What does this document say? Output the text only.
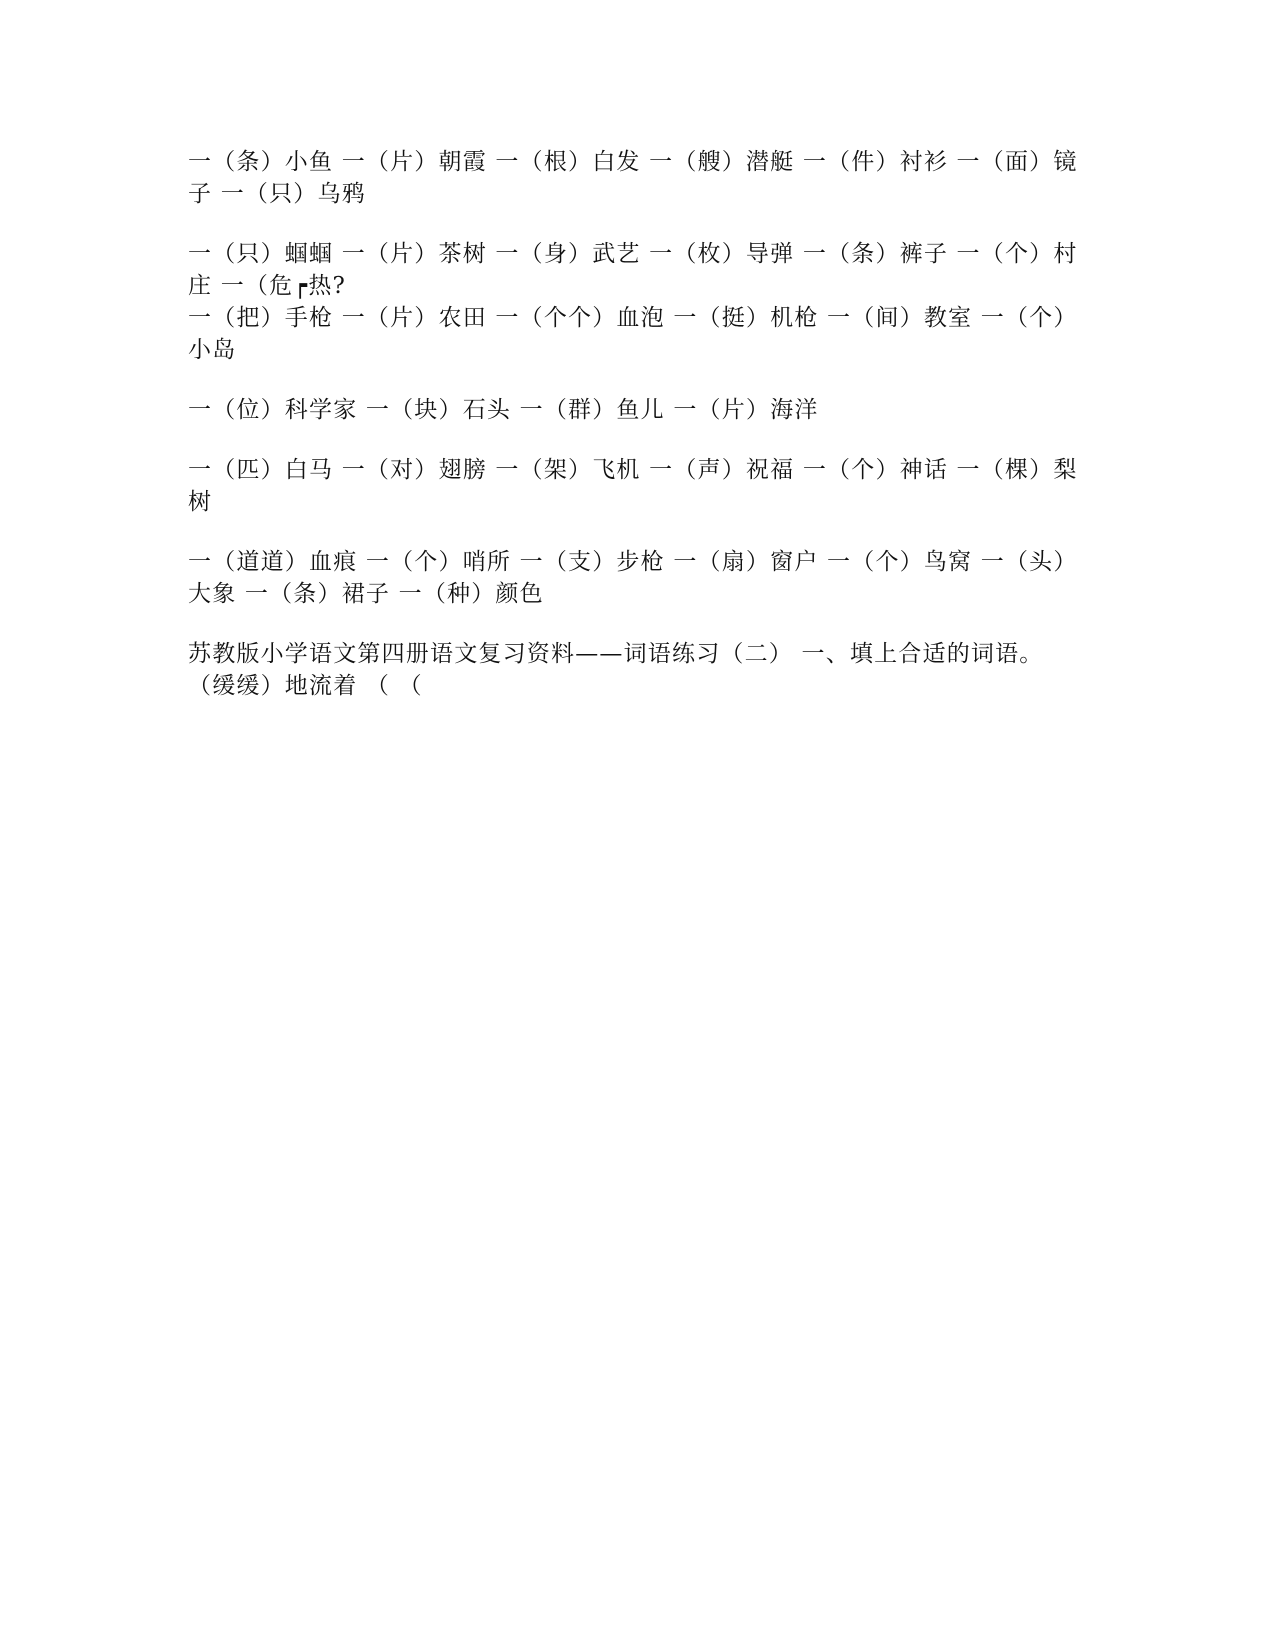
一（条）小鱼 一（片）朝霞 一（根）白发 一（艘）潜艇 一（件）衬衫 一（面）镜子 一（只）乌鸦

一（只）蝈蝈 一（片）茶树 一（身）武艺 一（枚）导弹 一（条）裤子 一（个）村庄 一（危┍热?

一（把）手枪 一（片）农田 一（个个）血泡 一（挺）机枪 一（间）教室 一（个）小岛

一（位）科学家 一（块）石头 一（群）鱼儿 一（片）海洋

一（匹）白马 一（对）翅膀 一（架）飞机 一（声）祝福 一（个）神话 一（棵）梨树

一（道道）血痕 一（个）哨所 一（支）步枪 一（扇）窗户 一（个）鸟窝 一（头）大象 一（条）裙子 一（种）颜色

苏教版小学语文第四册语文复习资料——词语练习（二） 一、填上合适的词语。 （缓缓）地流着 （ （
